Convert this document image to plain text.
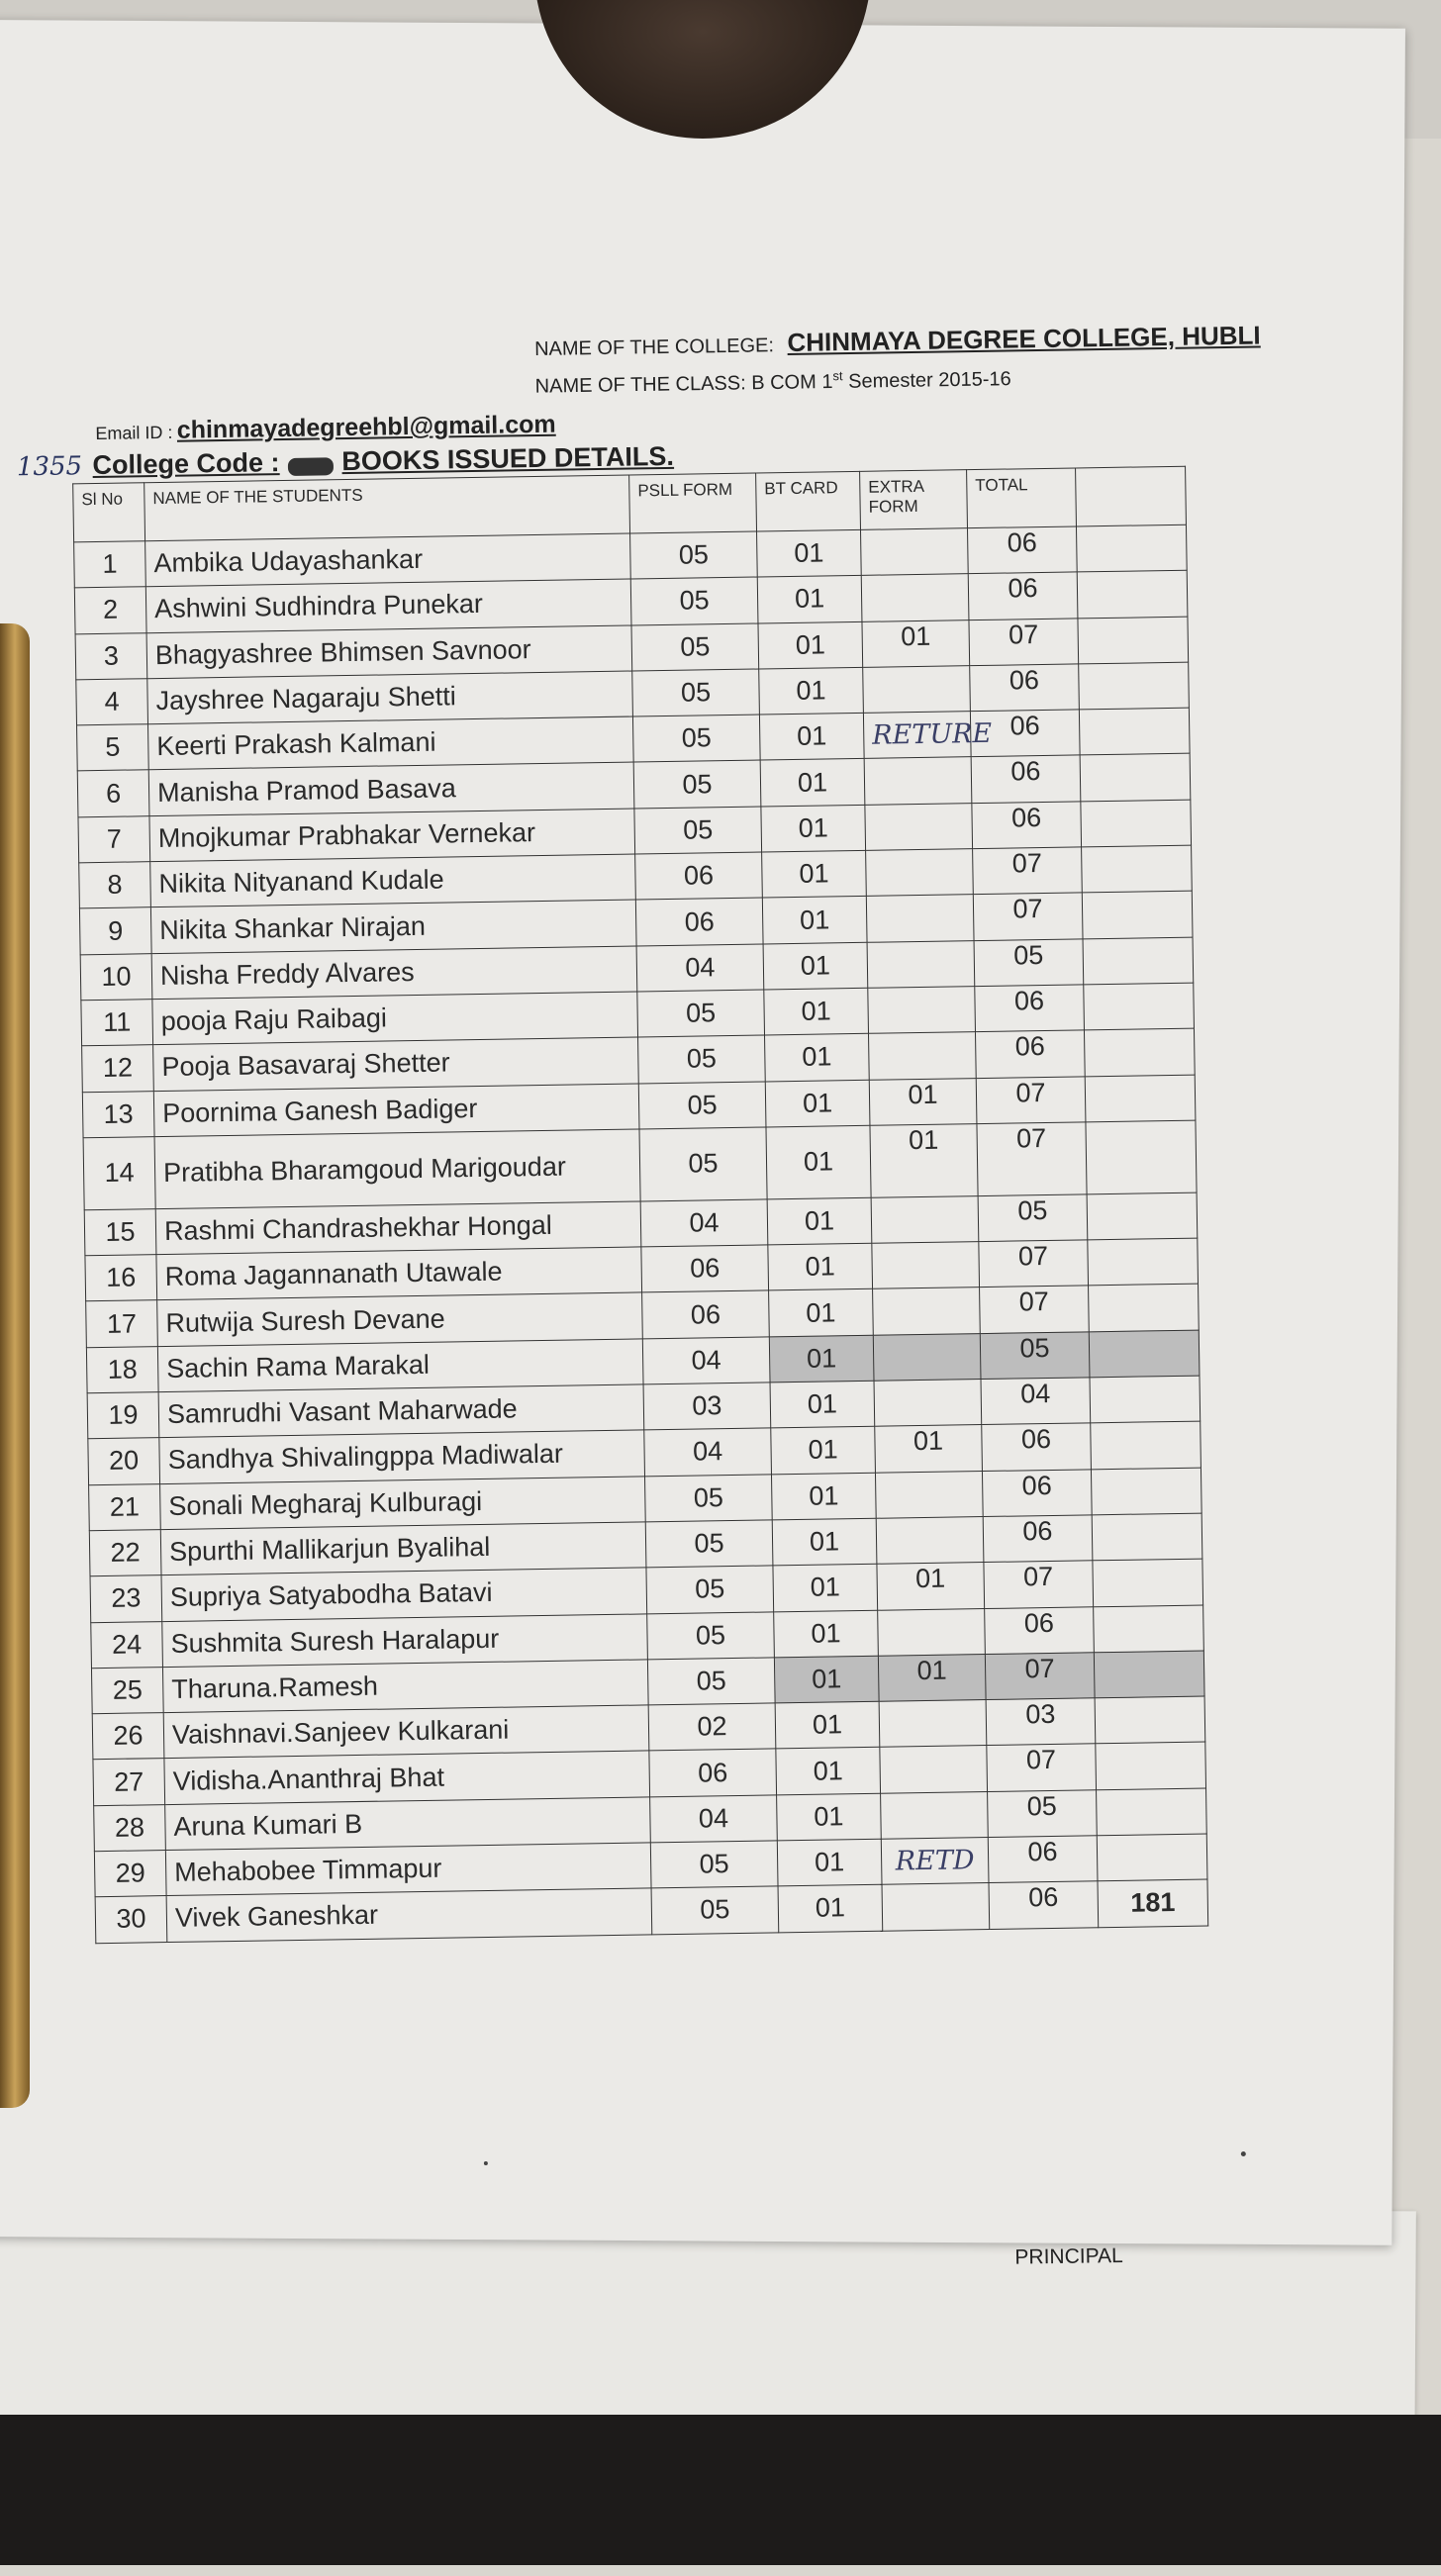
NAME OF THE COLLEGE: CHINMAYA DEGREE COLLEGE, HUBLI
NAME OF THE CLASS: B COM 1st Semester 2015-16
Email ID : chinmayadegreehbl@gmail.com
1355 College Code : BOOKS ISSUED DETAILS.
Sl No	NAME OF THE STUDENTS	PSLL FORM	BT CARD	EXTRA FORM	TOTAL	
1	Ambika Udayashankar	05	01		06	
2	Ashwini Sudhindra Punekar	05	01		06	
3	Bhagyashree Bhimsen Savnoor	05	01	01	07	
4	Jayshree Nagaraju Shetti	05	01		06	
5	Keerti Prakash Kalmani	05	01	RETURE	06	
6	Manisha Pramod Basava	05	01		06	
7	Mnojkumar Prabhakar Vernekar	05	01		06	
8	Nikita Nityanand Kudale	06	01		07	
9	Nikita Shankar Nirajan	06	01		07	
10	Nisha Freddy Alvares	04	01		05	
11	pooja Raju Raibagi	05	01		06	
12	Pooja Basavaraj Shetter	05	01		06	
13	Poornima Ganesh Badiger	05	01	01	07	
14	Pratibha Bharamgoud Marigoudar	05	01	01	07	
15	Rashmi Chandrashekhar Hongal	04	01		05	
16	Roma Jagannanath Utawale	06	01		07	
17	Rutwija Suresh Devane	06	01		07	
18	Sachin Rama Marakal	04	01		05	
19	Samrudhi Vasant Maharwade	03	01		04	
20	Sandhya Shivalingppa Madiwalar	04	01	01	06	
21	Sonali Megharaj Kulburagi	05	01		06	
22	Spurthi Mallikarjun Byalihal	05	01		06	
23	Supriya Satyabodha Batavi	05	01	01	07	
24	Sushmita Suresh Haralapur	05	01		06	
25	Tharuna.Ramesh	05	01	01	07	
26	Vaishnavi.Sanjeev Kulkarani	02	01		03	
27	Vidisha.Ananthraj Bhat	06	01		07	
28	Aruna Kumari B	04	01		05	
29	Mehabobee Timmapur	05	01	RETD	06	
30	Vivek Ganeshkar	05	01		06	181
PRINCIPAL
